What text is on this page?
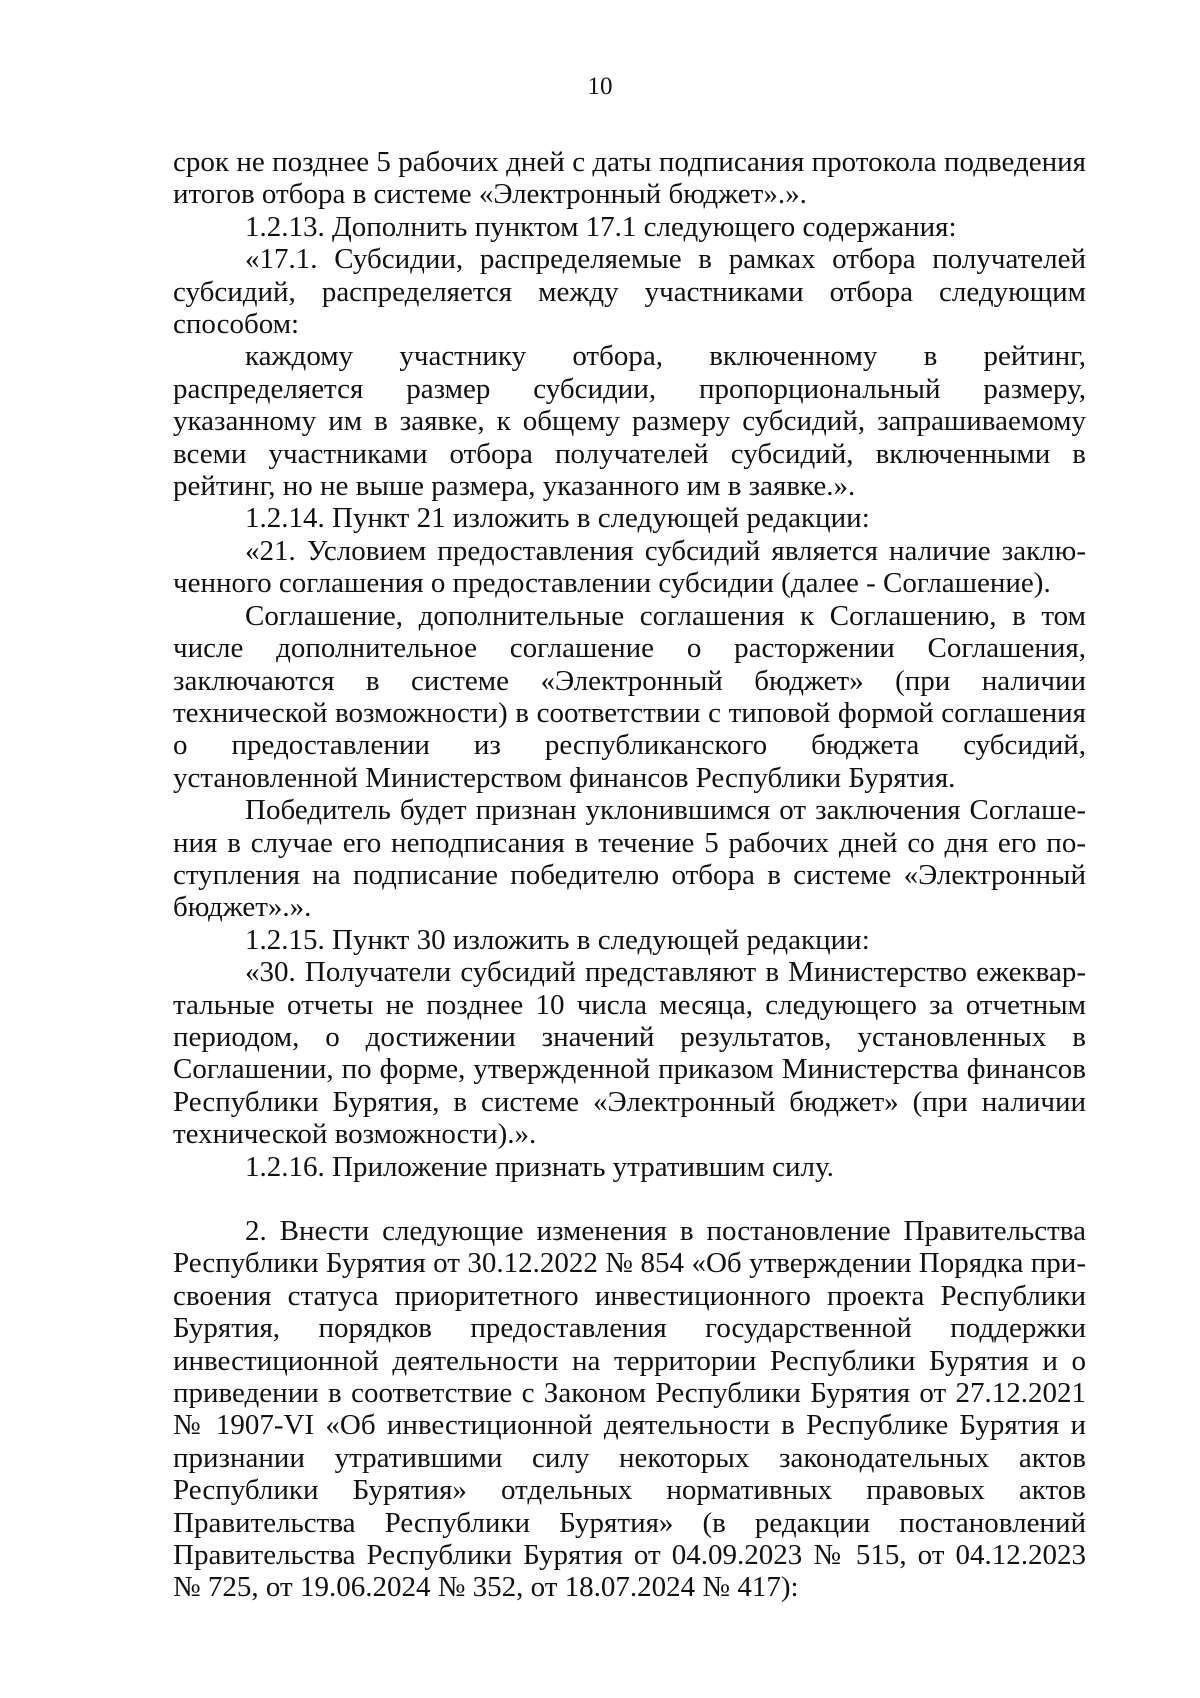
10

срок не позднее 5 рабочих дней с даты подписания протокола подведения итогов отбора в системе «Электронный бюджет».».

1.2.13. Дополнить пунктом 17.1 следующего содержания:

«17.1. Субсидии, распределяемые в рамках отбора получателей субсидий, распределяется между участниками отбора следующим способом:

каждому участнику отбора, включенному в рейтинг, распределяется размер субсидии, пропорциональный размеру, указанному им в заявке, к общему размеру субсидий, запрашиваемому всеми участниками отбора получателей субсидий, включенными в рейтинг, но не выше размера, указанного им в заявке.».

1.2.14. Пункт 21 изложить в следующей редакции:

«21. Условием предоставления субсидий является наличие заключенного соглашения о предоставлении субсидии (далее - Соглашение).

Соглашение, дополнительные соглашения к Соглашению, в том числе дополнительное соглашение о расторжении Соглашения, заключаются в системе «Электронный бюджет» (при наличии технической возможности) в соответствии с типовой формой соглашения о предоставлении из республиканского бюджета субсидий, установленной Министерством финансов Республики Бурятия.

Победитель будет признан уклонившимся от заключения Соглашения в случае его неподписания в течение 5 рабочих дней со дня его поступления на подписание победителю отбора в системе «Электронный бюджет».».

1.2.15. Пункт 30 изложить в следующей редакции:

«30. Получатели субсидий представляют в Министерство ежеквартальные отчеты не позднее 10 числа месяца, следующего за отчетным периодом, о достижении значений результатов, установленных в Соглашении, по форме, утвержденной приказом Министерства финансов Республики Бурятия, в системе «Электронный бюджет» (при наличии технической возможности).».

1.2.16. Приложение признать утратившим силу.

2. Внести следующие изменения в постановление Правительства Республики Бурятия от 30.12.2022 № 854 «Об утверждении Порядка присвоения статуса приоритетного инвестиционного проекта Республики Бурятия, порядков предоставления государственной поддержки инвестиционной деятельности на территории Республики Бурятия и о приведении в соответствие с Законом Республики Бурятия от 27.12.2021 № 1907-VI «Об инвестиционной деятельности в Республике Бурятия и признании утратившими силу некоторых законодательных актов Республики Бурятия» отдельных нормативных правовых актов Правительства Республики Бурятия» (в редакции постановлений Правительства Республики Бурятия от 04.09.2023 № 515, от 04.12.2023 № 725, от 19.06.2024 № 352, от 18.07.2024 № 417):
